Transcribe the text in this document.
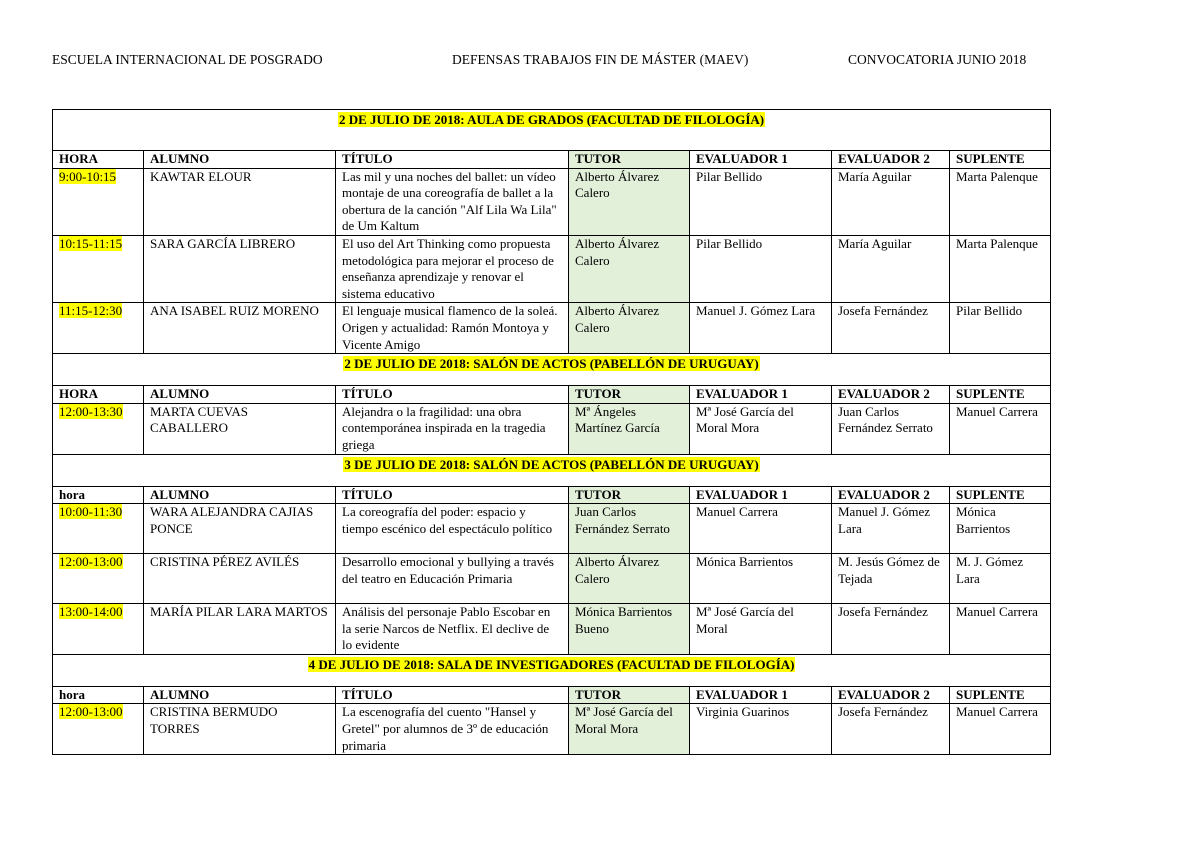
ESCUELA INTERNACIONAL DE POSGRADO	DEFENSAS TRABAJOS FIN DE MÁSTER (MAEV)	CONVOCATORIA JUNIO 2018
2 DE JULIO DE 2018: AULA DE GRADOS (FACULTAD DE FILOLOGÍA)						
HORA	ALUMNO	TÍTULO	TUTOR	EVALUADOR 1	EVALUADOR 2	SUPLENTE
9:00-10:15	KAWTAR ELOUR	Las mil y una noches del ballet: un vídeo montaje de una coreografía de ballet a la obertura de la canción "Alf Lila Wa Lila" de Um Kaltum	Alberto Álvarez Calero	Pilar Bellido	María Aguilar	Marta Palenque
10:15-11:15	SARA GARCÍA LIBRERO	El uso del Art Thinking como propuesta metodológica para mejorar el proceso de enseñanza aprendizaje y renovar el sistema educativo	Alberto Álvarez Calero	Pilar Bellido	María Aguilar	Marta Palenque
11:15-12:30	ANA ISABEL RUIZ MORENO	El lenguaje musical flamenco de la soleá. Origen y actualidad: Ramón Montoya y Vicente Amigo	Alberto Álvarez Calero	Manuel J. Gómez Lara	Josefa Fernández	Pilar Bellido
2 DE JULIO DE 2018: SALÓN DE ACTOS (PABELLÓN DE URUGUAY)						
HORA	ALUMNO	TÍTULO	TUTOR	EVALUADOR 1	EVALUADOR 2	SUPLENTE
12:00-13:30	MARTA CUEVAS CABALLERO	Alejandra o la fragilidad: una obra contemporánea inspirada en la tragedia griega	Mª Ángeles Martínez García	Mª José García del Moral Mora	Juan Carlos Fernández Serrato	Manuel Carrera
3 DE JULIO DE 2018: SALÓN DE ACTOS (PABELLÓN DE URUGUAY)						
hora	ALUMNO	TÍTULO	TUTOR	EVALUADOR 1	EVALUADOR 2	SUPLENTE
10:00-11:30	WARA ALEJANDRA CAJIAS PONCE	La coreografía del poder: espacio y tiempo escénico del espectáculo político	Juan Carlos Fernández Serrato	Manuel Carrera	Manuel J. Gómez Lara	Mónica Barrientos
12:00-13:00	CRISTINA PÉREZ AVILÉS	Desarrollo emocional y bullying a través del teatro en Educación Primaria	Alberto Álvarez Calero	Mónica Barrientos	M. Jesús Gómez de Tejada	M. J. Gómez Lara
13:00-14:00	MARÍA PILAR LARA MARTOS	Análisis del personaje Pablo Escobar en la serie Narcos de Netflix. El declive de lo evidente	Mónica Barrientos Bueno	Mª José García del Moral	Josefa Fernández	Manuel Carrera
4 DE JULIO DE 2018: SALA DE INVESTIGADORES (FACULTAD DE FILOLOGÍA)						
hora	ALUMNO	TÍTULO	TUTOR	EVALUADOR 1	EVALUADOR 2	SUPLENTE
12:00-13:00	CRISTINA BERMUDO TORRES	La escenografía del cuento "Hansel y Gretel" por alumnos de 3º de educación primaria	Mª José García del Moral Mora	Virginia Guarinos	Josefa Fernández	Manuel Carrera
